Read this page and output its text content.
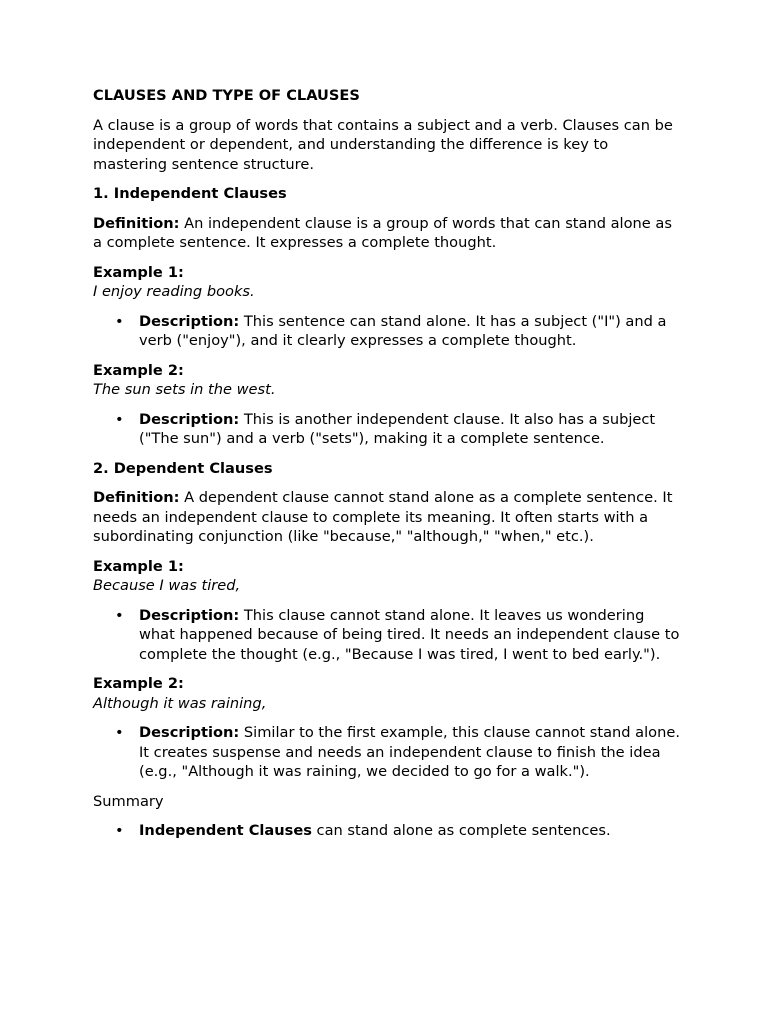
CLAUSES AND TYPE OF CLAUSES

A clause is a group of words that contains a subject and a verb. Clauses can be independent or dependent, and understanding the difference is key to mastering sentence structure.

1. Independent Clauses

Definition: An independent clause is a group of words that can stand alone as a complete sentence. It expresses a complete thought.

Example 1:
I enjoy reading books.
• Description: This sentence can stand alone. It has a subject ("I") and a verb ("enjoy"), and it clearly expresses a complete thought.
Example 2:
The sun sets in the west.
• Description: This is another independent clause. It also has a subject ("The sun") and a verb ("sets"), making it a complete sentence.
2. Dependent Clauses

Definition: A dependent clause cannot stand alone as a complete sentence. It needs an independent clause to complete its meaning. It often starts with a subordinating conjunction (like "because," "although," "when," etc.).

Example 1:
Because I was tired,
• Description: This clause cannot stand alone. It leaves us wondering what happened because of being tired. It needs an independent clause to complete the thought (e.g., "Because I was tired, I went to bed early.").
Example 2:
Although it was raining,
• Description: Similar to the first example, this clause cannot stand alone. It creates suspense and needs an independent clause to finish the idea (e.g., "Although it was raining, we decided to go for a walk.").

Summary

• Independent Clauses can stand alone as complete sentences.
